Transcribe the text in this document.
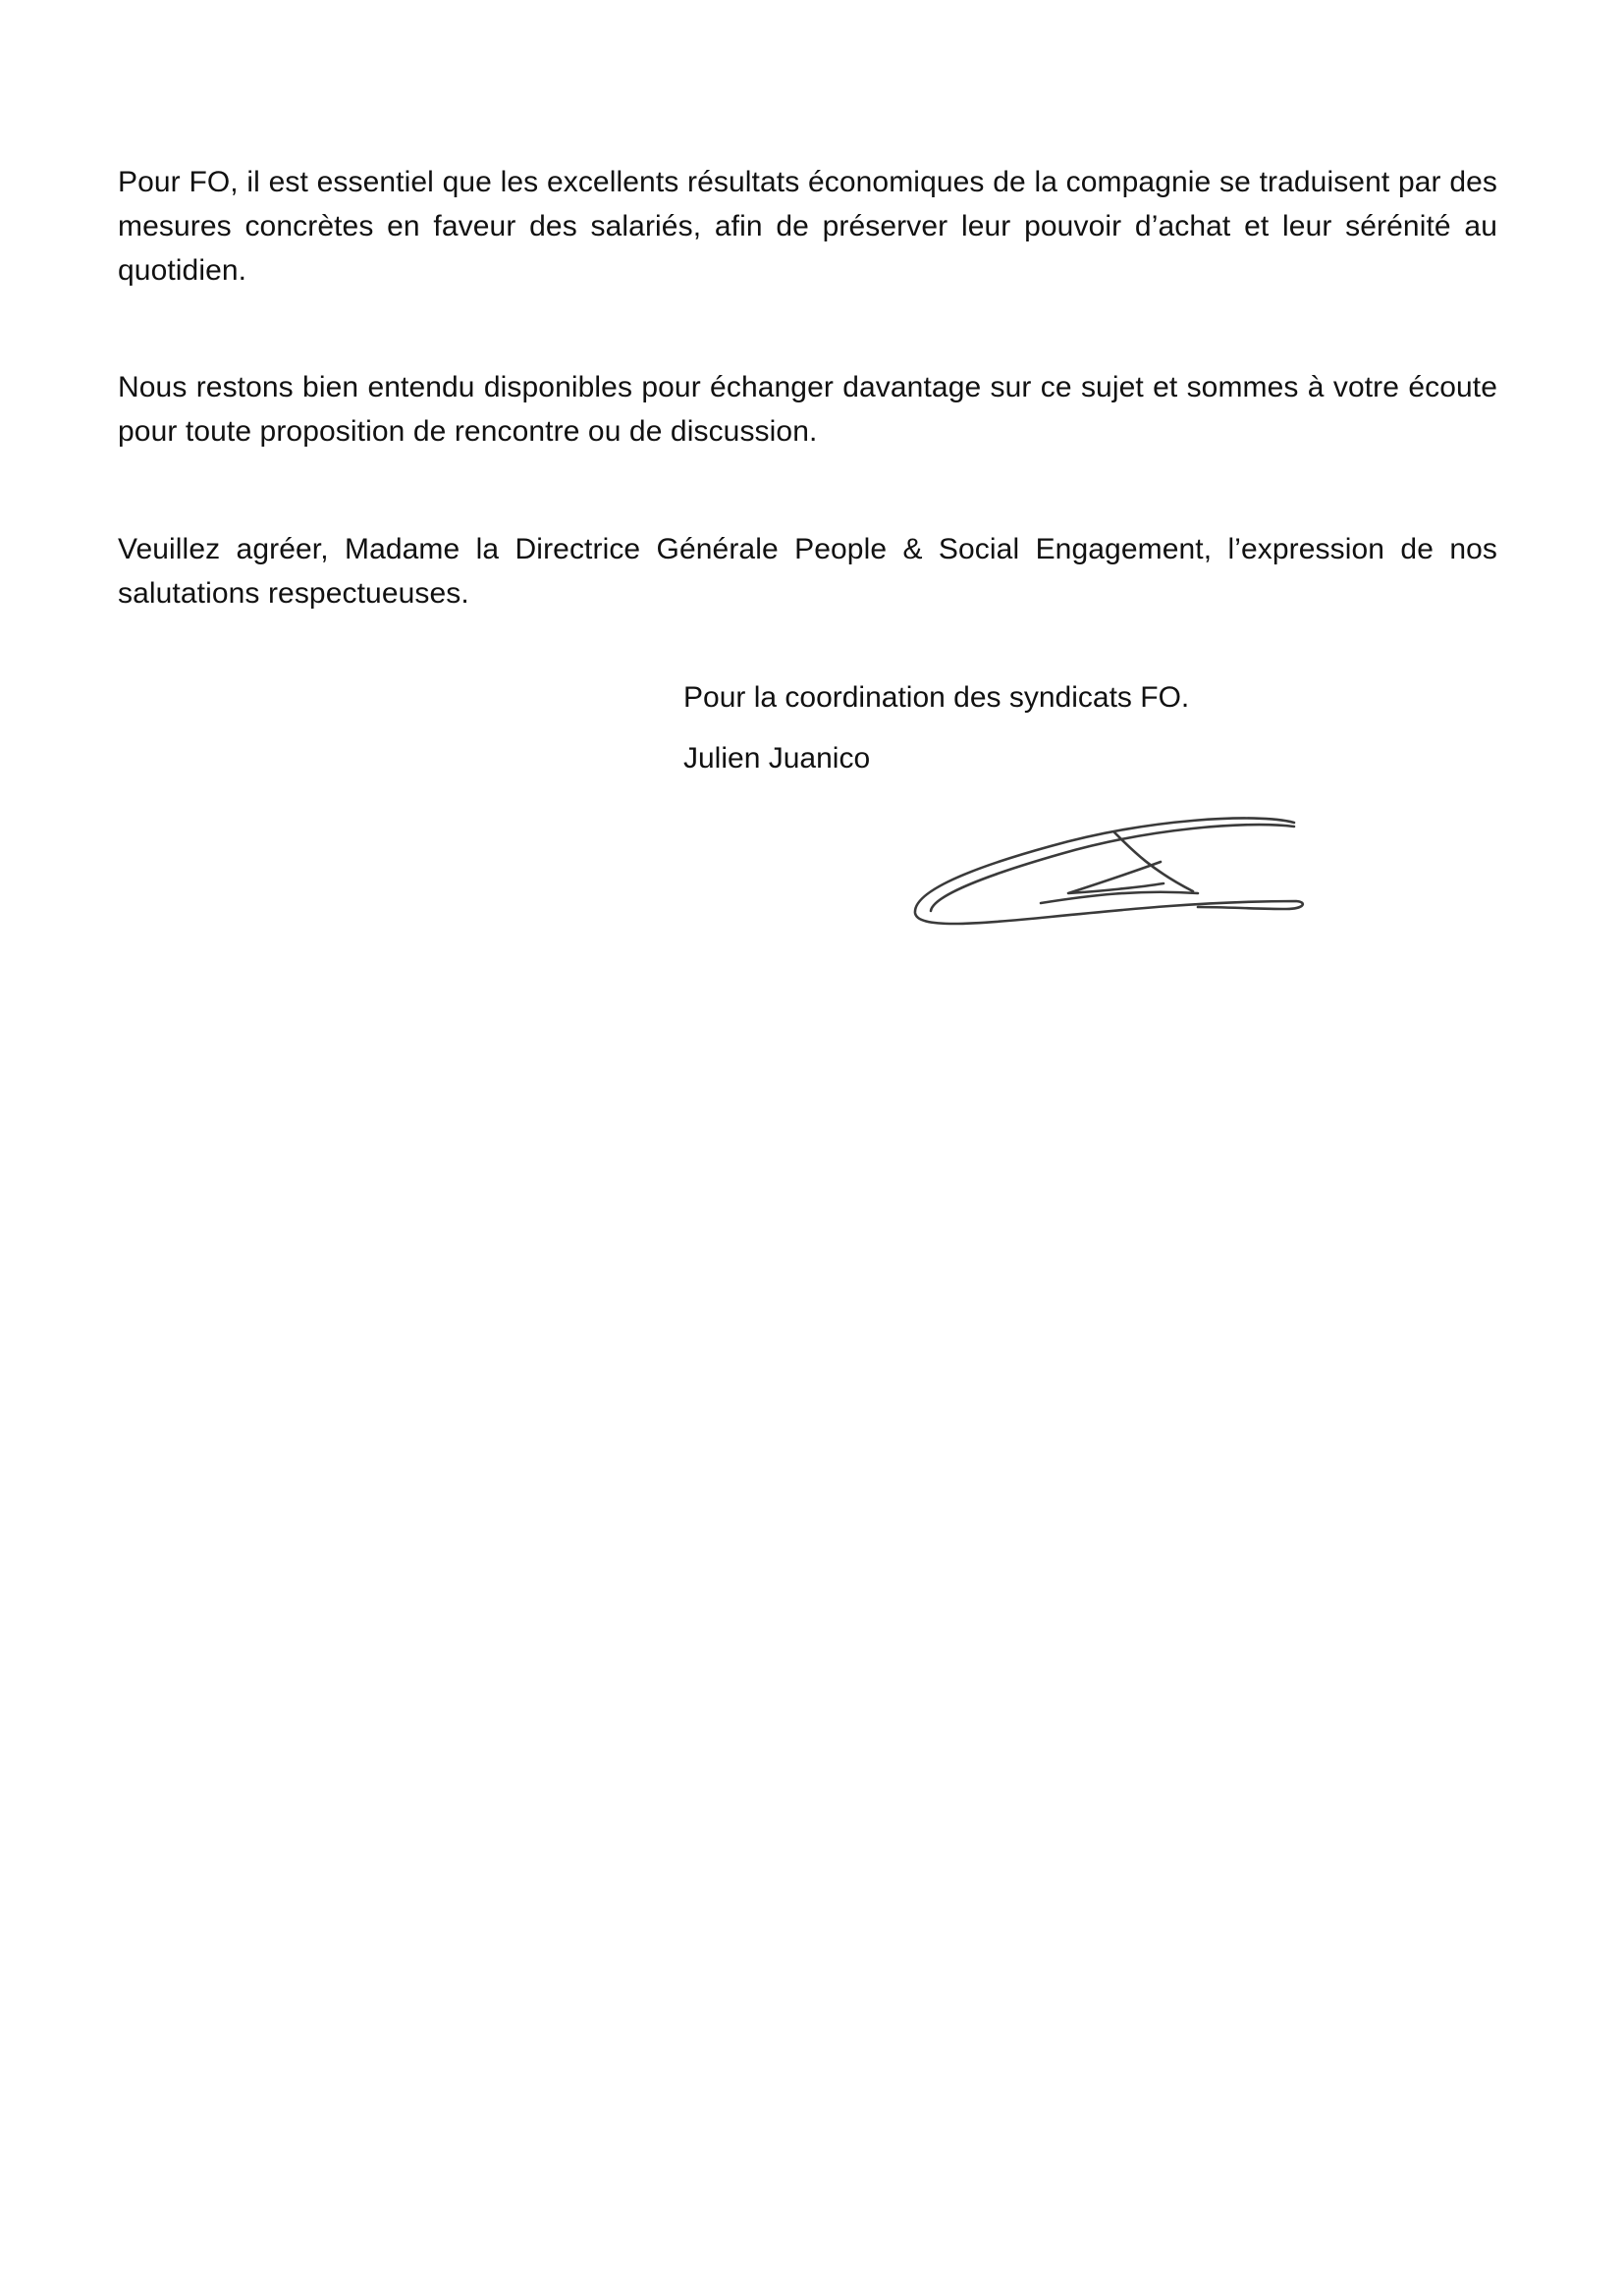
Pour FO, il est essentiel que les excellents résultats économiques de la compagnie se traduisent par des mesures concrètes en faveur des salariés, afin de préserver leur pouvoir d’achat et leur sérénité au quotidien.

Nous restons bien entendu disponibles pour échanger davantage sur ce sujet et sommes à votre écoute pour toute proposition de rencontre ou de discussion.

Veuillez agréer, Madame la Directrice Générale People & Social Engagement, l’expression de nos salutations respectueuses.

Pour la coordination des syndicats FO.

Julien Juanico
